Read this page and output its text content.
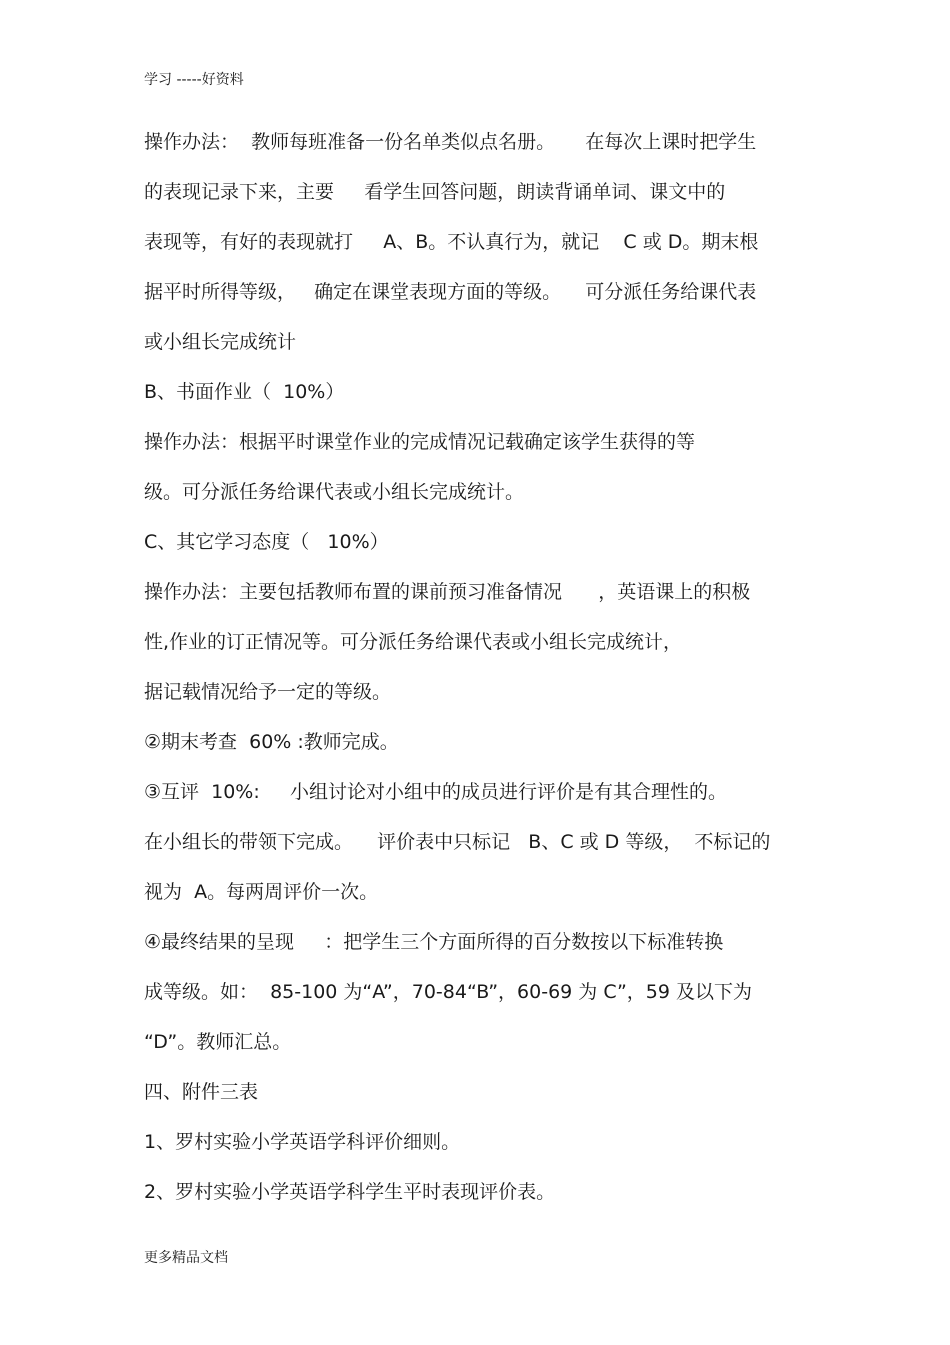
学习 -----好资料
操作办法：  教师每班准备一份名单类似点名册。     在每次上课时把学生
的表现记录下来，主要     看学生回答问题，朗读背诵单词、课文中的
表现等，有好的表现就打     A、B。不认真行为，就记    C 或 D。期末根
据平时所得等级，   确定在课堂表现方面的等级。    可分派任务给课代表
或小组长完成统计
B、书面作业（  10%）
操作办法：根据平时课堂作业的完成情况记载确定该学生获得的等
级。可分派任务给课代表或小组长完成统计。
C、其它学习态度（   10%）
操作办法：主要包括教师布置的课前预习准备情况      ，英语课上的积极
性,作业的订正情况等。可分派任务给课代表或小组长完成统计，
据记载情况给予一定的等级。
②期末考查  60% :教师完成。
③互评  10%:     小组讨论对小组中的成员进行评价是有其合理性的。
在小组长的带领下完成。    评价表中只标记   B、C 或 D 等级，  不标记的
视为  A。每两周评价一次。
④最终结果的呈现     ：把学生三个方面所得的百分数按以下标准转换
成等级。如：  85-100 为“A”，70-84“B”，60-69 为 C”，59 及以下为
“D”。教师汇总。
四、附件三表
1、罗村实验小学英语学科评价细则。
2、罗村实验小学英语学科学生平时表现评价表。
更多精品文档
